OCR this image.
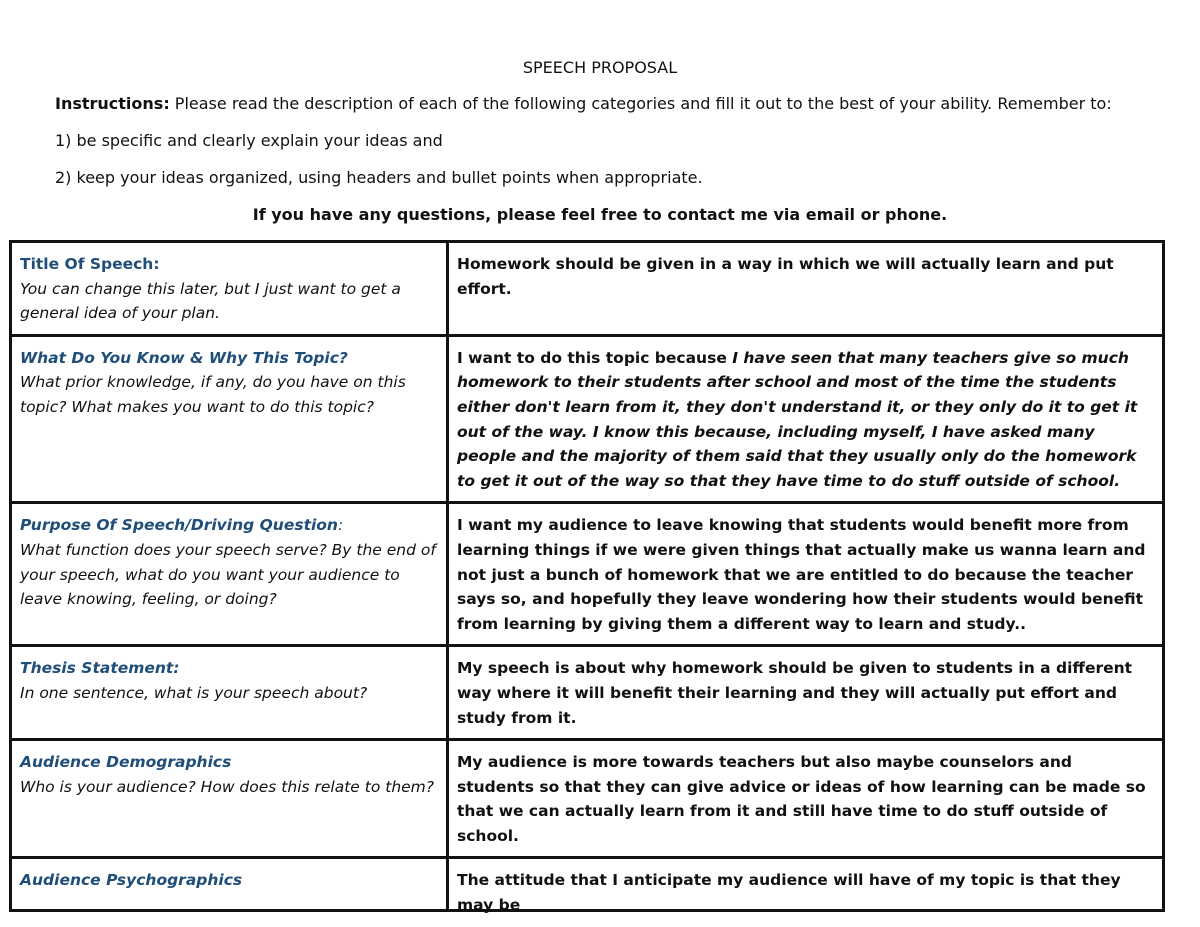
SPEECH PROPOSAL
Instructions: Please read the description of each of the following categories and fill it out to the best of your ability. Remember to:
1) be specific and clearly explain your ideas and
2) keep your ideas organized, using headers and bullet points when appropriate.
If you have any questions, please feel free to contact me via email or phone.
Title Of Speech:
You can change this later, but I just want to get a general idea of your plan.	Homework should be given in a way in which we will actually learn and put effort.

What Do You Know & Why This Topic?
What prior knowledge, if any, do you have on this topic? What makes you want to do this topic?	I want to do this topic because I have seen that many teachers give so much homework to their students after school and most of the time the students either don't learn from it, they don't understand it, or they only do it to get it out of the way. I know this because, including myself, I have asked many people and the majority of them said that they usually only do the homework to get it out of the way so that they have time to do stuff outside of school.

Purpose Of Speech/Driving Question:
What function does your speech serve? By the end of your speech, what do you want your audience to leave knowing, feeling, or doing?	I want my audience to leave knowing that students would benefit more from learning things if we were given things that actually make us wanna learn and not just a bunch of homework that we are entitled to do because the teacher says so, and hopefully they leave wondering how their students would benefit from learning by giving them a different way to learn and study..

Thesis Statement:
In one sentence, what is your speech about?	My speech is about why homework should be given to students in a different way where it will benefit their learning and they will actually put effort and study from it.

Audience Demographics
Who is your audience? How does this relate to them?	My audience is more towards teachers but also maybe counselors and students so that they can give advice or ideas of how learning can be made so that we can actually learn from it and still have time to do stuff outside of school.

Audience Psychographics	The attitude that I anticipate my audience will have of my topic is that they may be
